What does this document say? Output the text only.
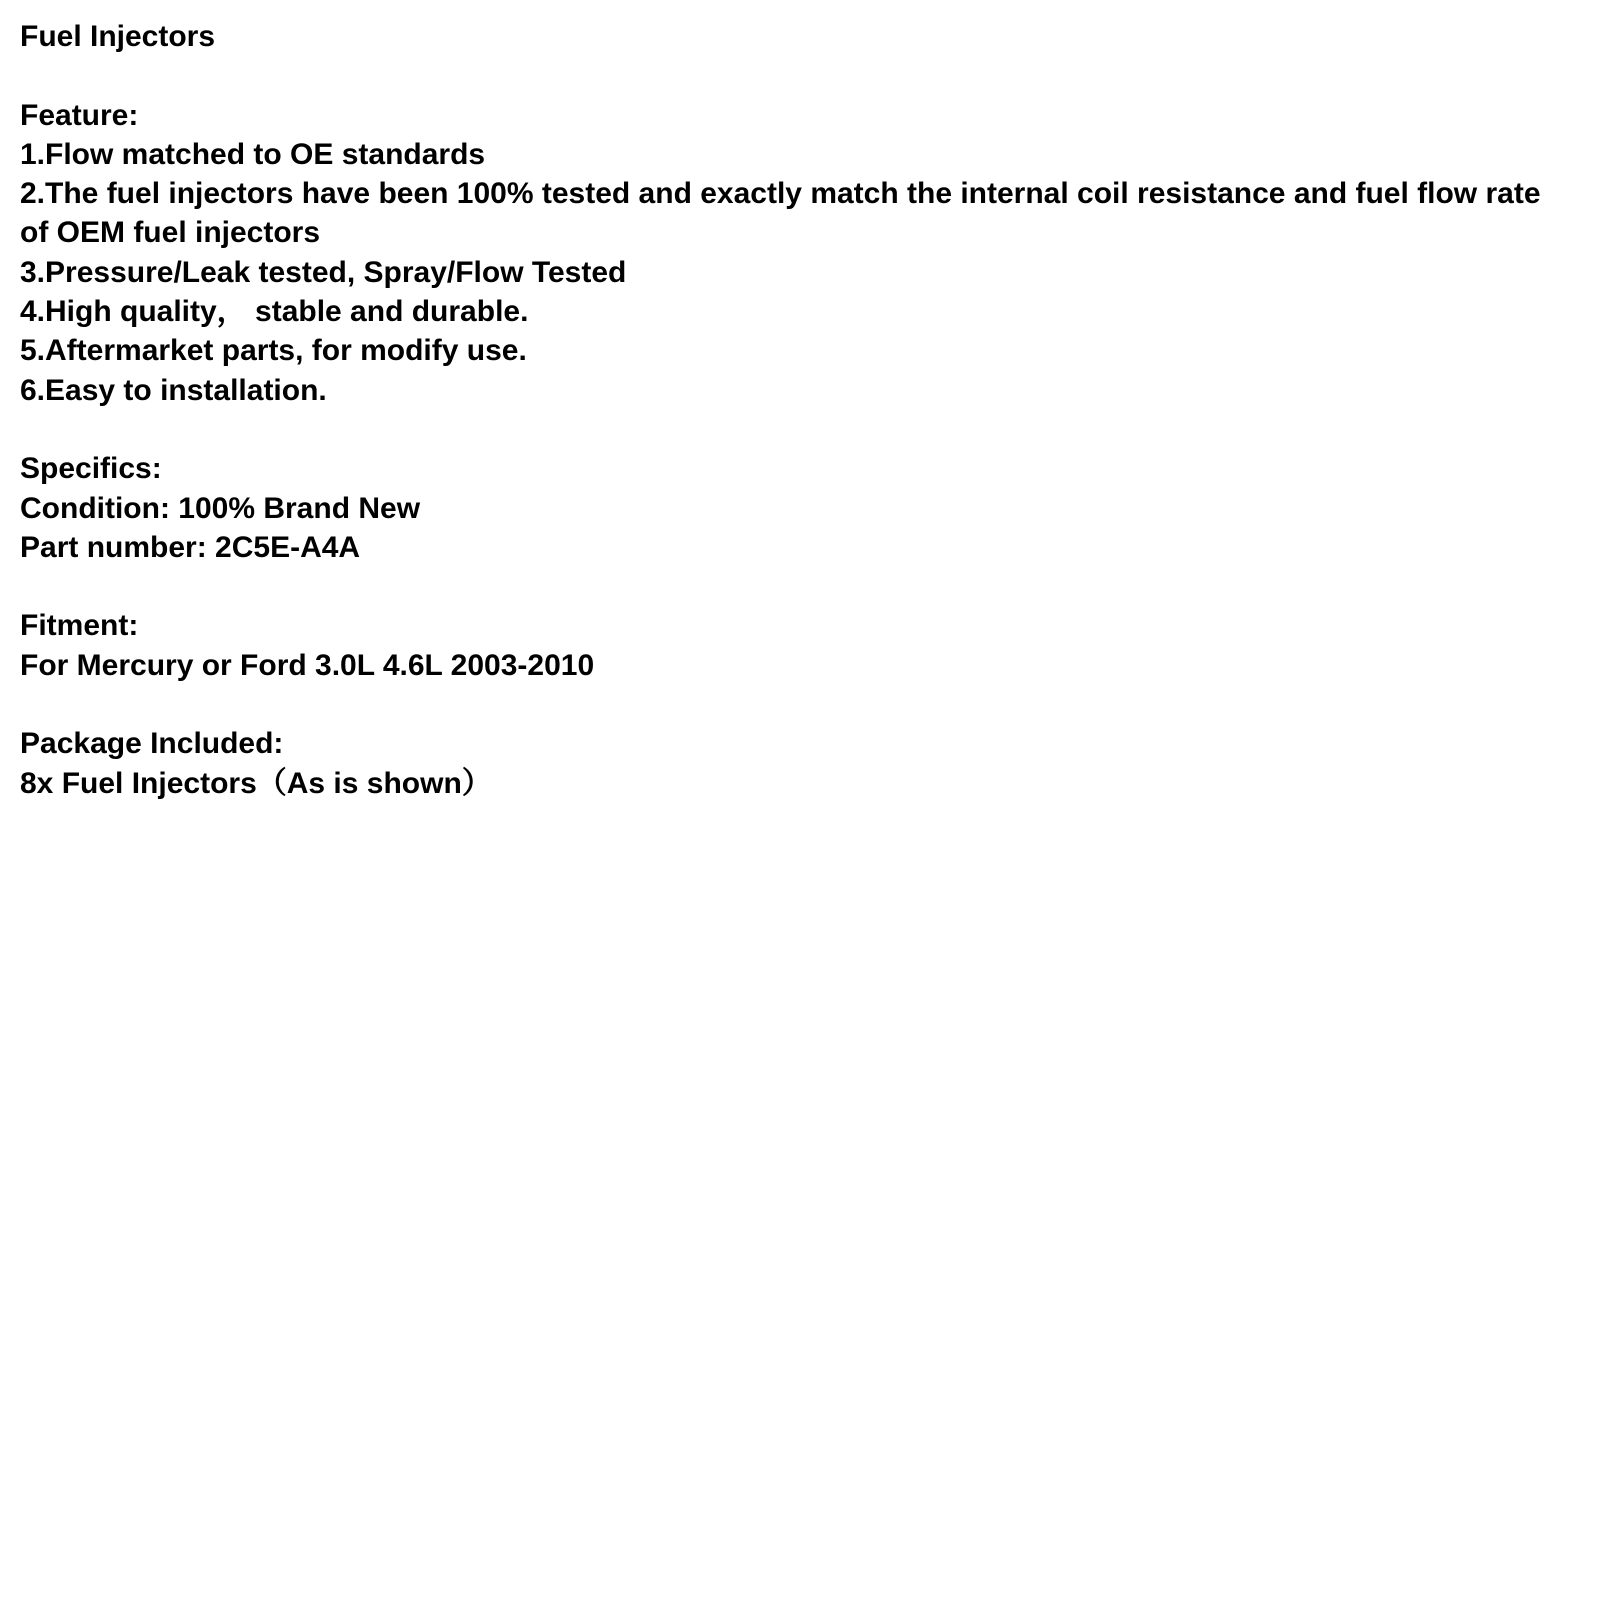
Fuel Injectors
Feature:
1.Flow matched to OE standards
2.The fuel injectors have been 100% tested and exactly match the internal coil resistance and fuel flow rate of OEM fuel injectors
3.Pressure/Leak tested, Spray/Flow Tested
4.High quality， stable and durable.
5.Aftermarket parts, for modify use.
6.Easy to installation.
Specifics:
Condition: 100% Brand New
Part number: 2C5E-A4A
Fitment:
For Mercury or Ford 3.0L 4.6L 2003-2010
Package Included:
8x Fuel Injectors（As is shown）
